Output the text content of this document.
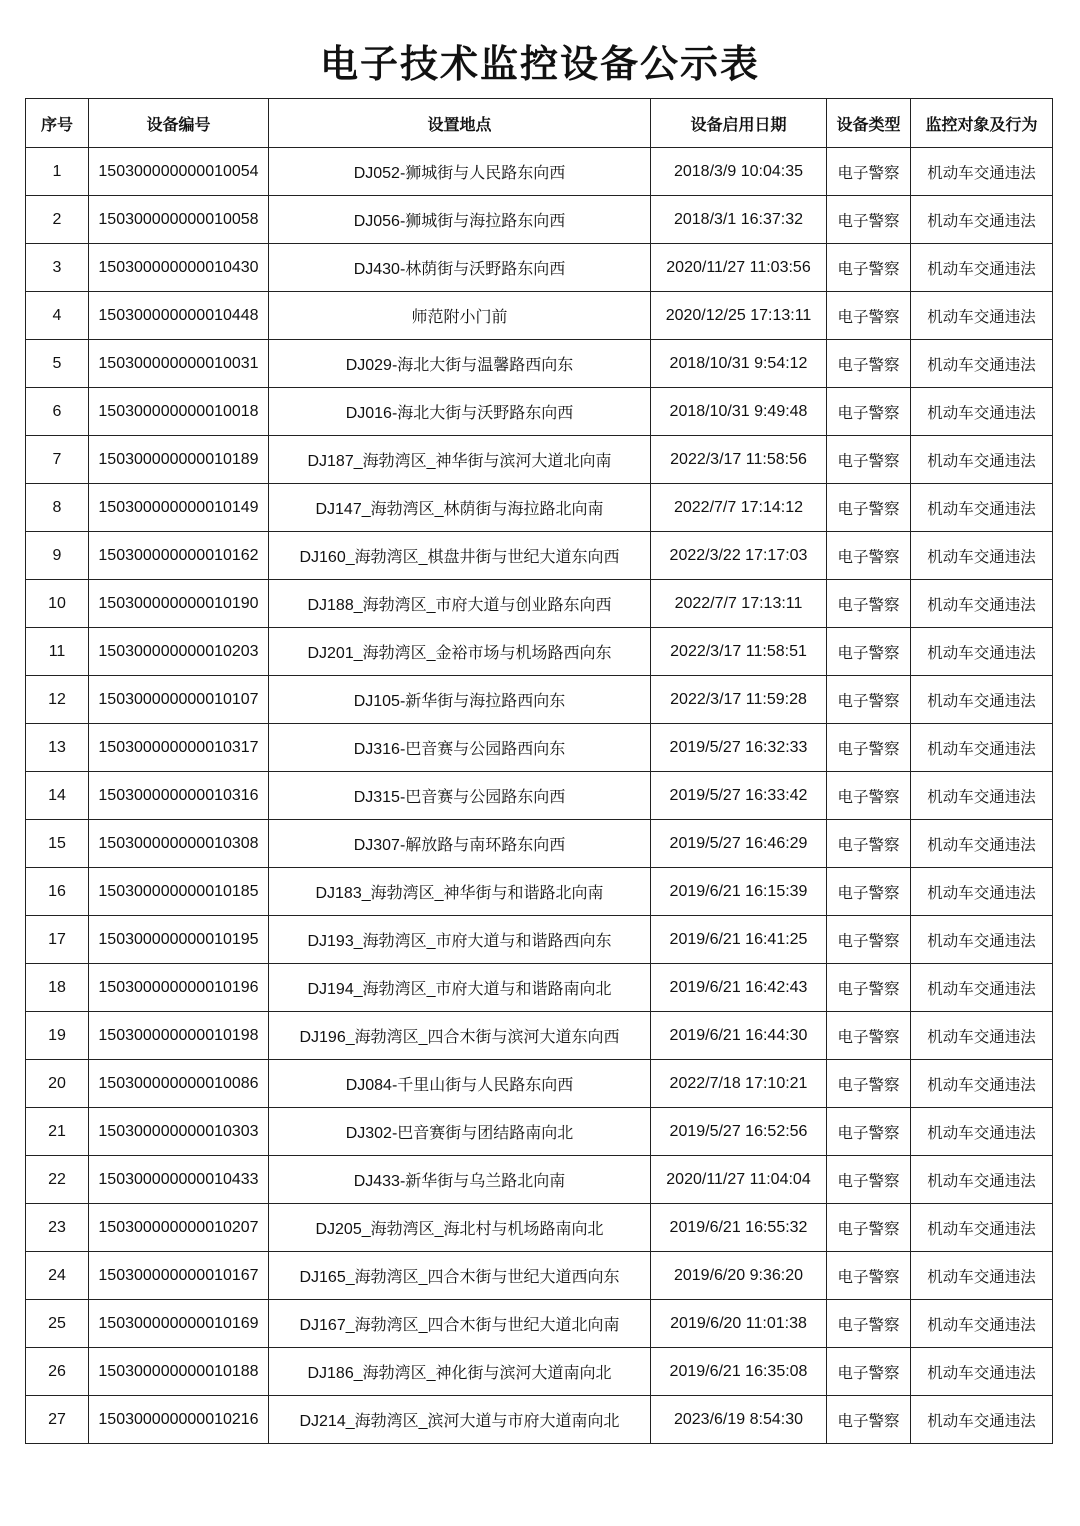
电子技术监控设备公示表
序号	设备编号	设置地点	设备启用日期	设备类型	监控对象及行为
1	150300000000010054	DJ052-狮城街与人民路东向西	2018/3/9 10:04:35	电子警察	机动车交通违法
2	150300000000010058	DJ056-狮城街与海拉路东向西	2018/3/1 16:37:32	电子警察	机动车交通违法
3	150300000000010430	DJ430-林荫街与沃野路东向西	2020/11/27 11:03:56	电子警察	机动车交通违法
4	150300000000010448	师范附小门前	2020/12/25 17:13:11	电子警察	机动车交通违法
5	150300000000010031	DJ029-海北大街与温馨路西向东	2018/10/31 9:54:12	电子警察	机动车交通违法
6	150300000000010018	DJ016-海北大街与沃野路东向西	2018/10/31 9:49:48	电子警察	机动车交通违法
7	150300000000010189	DJ187_海勃湾区_神华街与滨河大道北向南	2022/3/17 11:58:56	电子警察	机动车交通违法
8	150300000000010149	DJ147_海勃湾区_林荫街与海拉路北向南	2022/7/7 17:14:12	电子警察	机动车交通违法
9	150300000000010162	DJ160_海勃湾区_棋盘井街与世纪大道东向西	2022/3/22 17:17:03	电子警察	机动车交通违法
10	150300000000010190	DJ188_海勃湾区_市府大道与创业路东向西	2022/7/7 17:13:11	电子警察	机动车交通违法
11	150300000000010203	DJ201_海勃湾区_金裕市场与机场路西向东	2022/3/17 11:58:51	电子警察	机动车交通违法
12	150300000000010107	DJ105-新华街与海拉路西向东	2022/3/17 11:59:28	电子警察	机动车交通违法
13	150300000000010317	DJ316-巴音赛与公园路西向东	2019/5/27 16:32:33	电子警察	机动车交通违法
14	150300000000010316	DJ315-巴音赛与公园路东向西	2019/5/27 16:33:42	电子警察	机动车交通违法
15	150300000000010308	DJ307-解放路与南环路东向西	2019/5/27 16:46:29	电子警察	机动车交通违法
16	150300000000010185	DJ183_海勃湾区_神华街与和谐路北向南	2019/6/21 16:15:39	电子警察	机动车交通违法
17	150300000000010195	DJ193_海勃湾区_市府大道与和谐路西向东	2019/6/21 16:41:25	电子警察	机动车交通违法
18	150300000000010196	DJ194_海勃湾区_市府大道与和谐路南向北	2019/6/21 16:42:43	电子警察	机动车交通违法
19	150300000000010198	DJ196_海勃湾区_四合木街与滨河大道东向西	2019/6/21 16:44:30	电子警察	机动车交通违法
20	150300000000010086	DJ084-千里山街与人民路东向西	2022/7/18 17:10:21	电子警察	机动车交通违法
21	150300000000010303	DJ302-巴音赛街与团结路南向北	2019/5/27 16:52:56	电子警察	机动车交通违法
22	150300000000010433	DJ433-新华街与乌兰路北向南	2020/11/27 11:04:04	电子警察	机动车交通违法
23	150300000000010207	DJ205_海勃湾区_海北村与机场路南向北	2019/6/21 16:55:32	电子警察	机动车交通违法
24	150300000000010167	DJ165_海勃湾区_四合木街与世纪大道西向东	2019/6/20 9:36:20	电子警察	机动车交通违法
25	150300000000010169	DJ167_海勃湾区_四合木街与世纪大道北向南	2019/6/20 11:01:38	电子警察	机动车交通违法
26	150300000000010188	DJ186_海勃湾区_神化街与滨河大道南向北	2019/6/21 16:35:08	电子警察	机动车交通违法
27	150300000000010216	DJ214_海勃湾区_滨河大道与市府大道南向北	2023/6/19 8:54:30	电子警察	机动车交通违法
